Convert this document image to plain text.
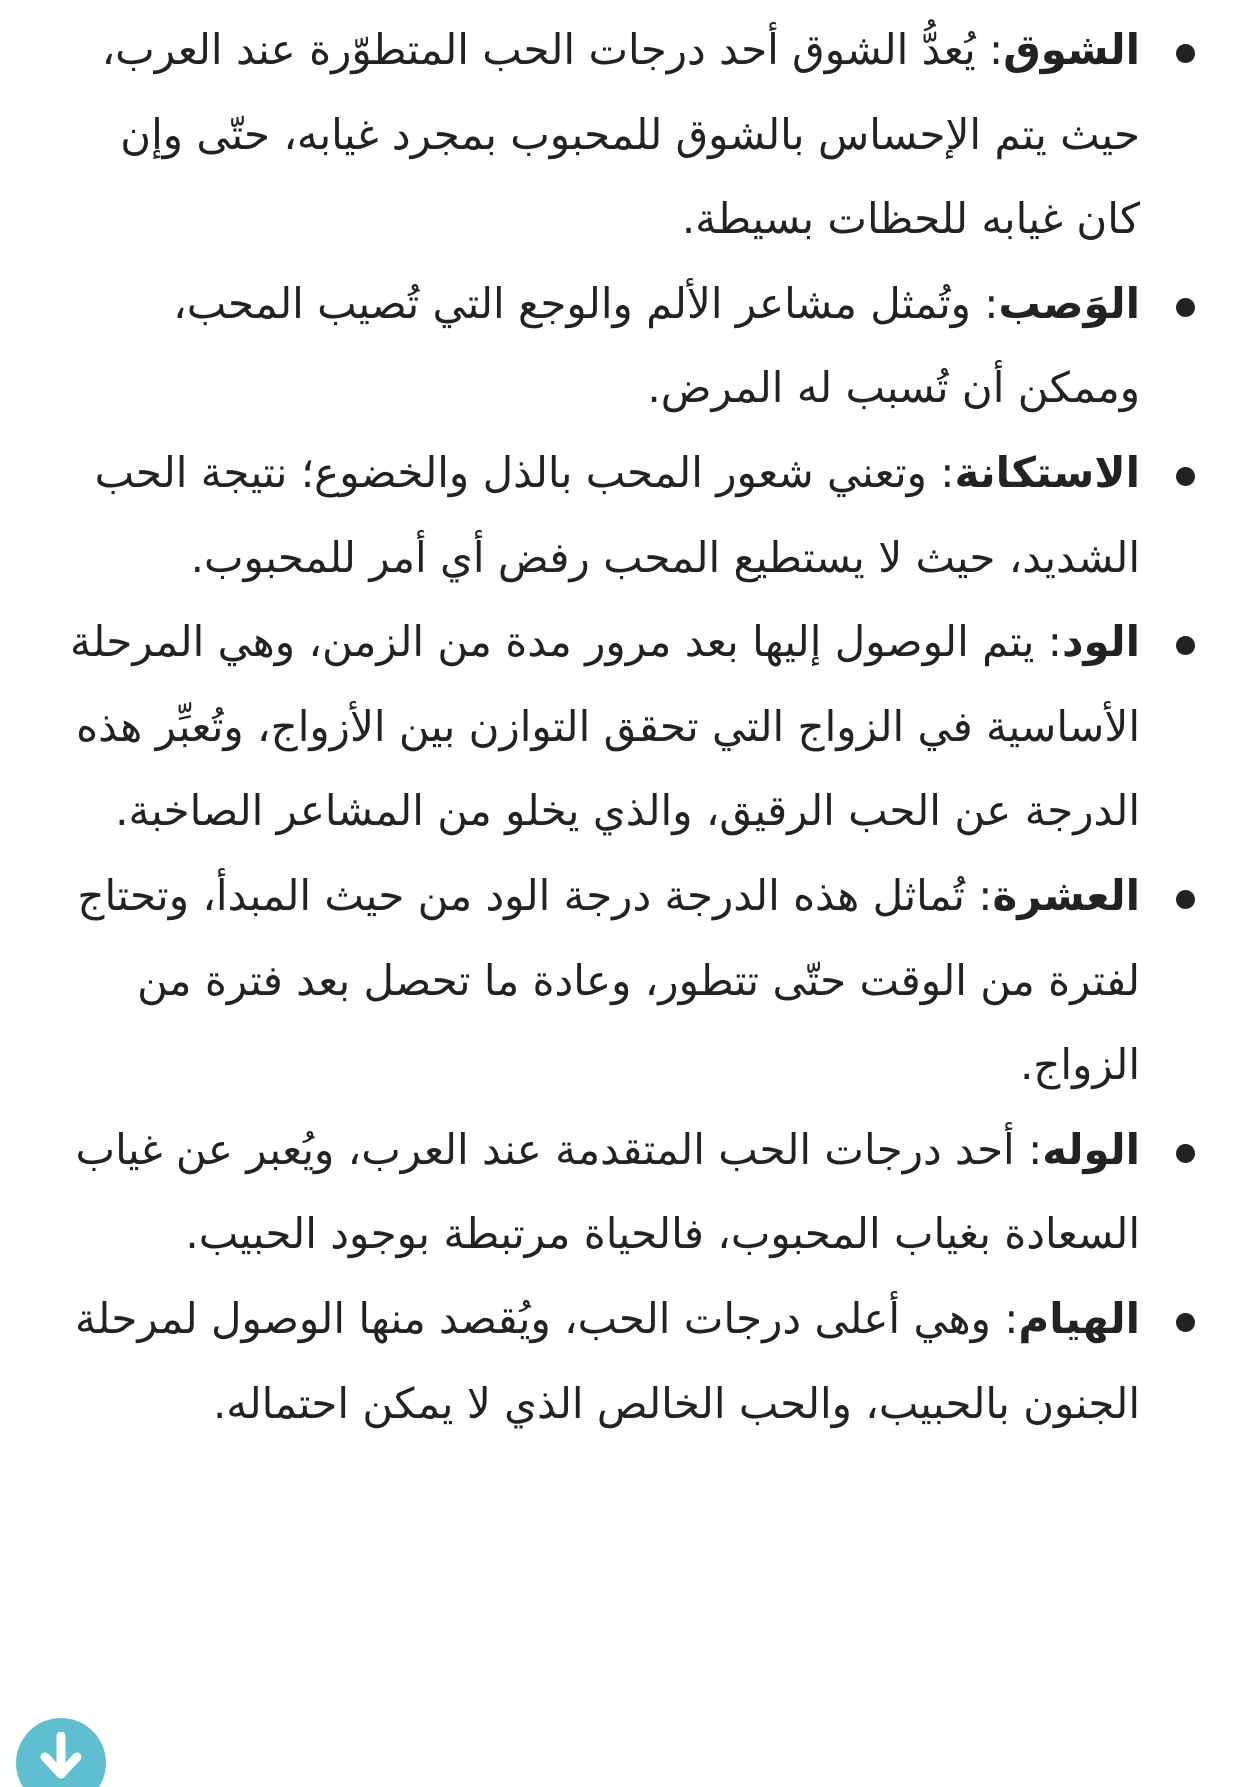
الشوق: يُعدُّ الشوق أحد درجات الحب المتطوّرة عند العرب، حيث يتم الإحساس بالشوق للمحبوب بمجرد غيابه، حتّى وإن كان غيابه للحظات بسيطة.
الوَصب: وتُمثل مشاعر الألم والوجع التي تُصيب المحب، وممكن أن تُسبب له المرض.
الاستكانة: وتعني شعور المحب بالذل والخضوع؛ نتيجة الحب الشديد، حيث لا يستطيع المحب رفض أي أمر للمحبوب.
الود: يتم الوصول إليها بعد مرور مدة من الزمن، وهي المرحلة الأساسية في الزواج التي تحقق التوازن بين الأزواج، وتُعبِّر هذه الدرجة عن الحب الرقيق، والذي يخلو من المشاعر الصاخبة.
العشرة: تُماثل هذه الدرجة درجة الود من حيث المبدأ، وتحتاج لفترة من الوقت حتّى تتطور، وعادة ما تحصل بعد فترة من الزواج.
الوله: أحد درجات الحب المتقدمة عند العرب، ويُعبر عن غياب السعادة بغياب المحبوب، فالحياة مرتبطة بوجود الحبيب.
الهيام: وهي أعلى درجات الحب، ويُقصد منها الوصول لمرحلة الجنون بالحبيب، والحب الخالص الذي لا يمكن احتماله.
